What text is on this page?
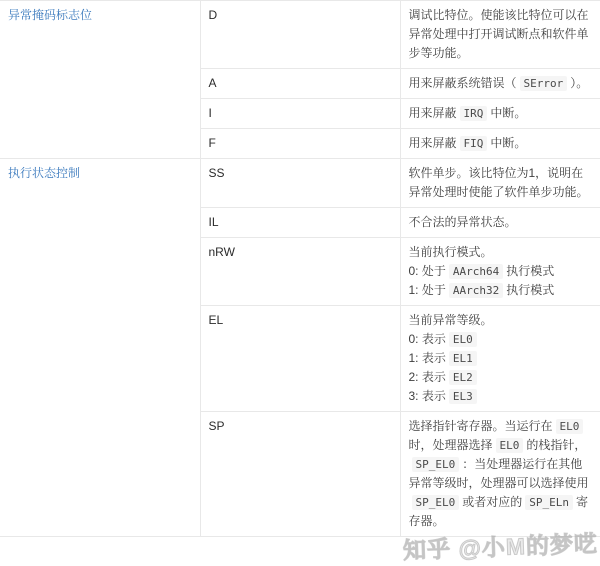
异常掩码标志位	D	调试比特位。使能该比特位可以在异常处理中打开调试断点和软件单步等功能。
	A	用来屏蔽系统错误（ SError ）。
	I	用来屏蔽 IRQ 中断。
	F	用来屏蔽 FIQ 中断。
执行状态控制	SS	软件单步。该比特位为1，说明在异常处理时使能了软件单步功能。
	IL	不合法的异常状态。
	nRW	当前执行模式。
0: 处于 AArch64 执行模式
1: 处于 AArch32 执行模式
	EL	当前异常等级。
0: 表示 EL0
1: 表示 EL1
2: 表示 EL2
3: 表示 EL3
	SP	选择指针寄存器。当运行在 EL0时，处理器选择 EL0 的栈指针，
SP_EL0 ：当处理器运行在其他异常等级时，处理器可以选择使用SP_EL0 或者对应的 SP_ELn 寄存器。
知乎 @小M的梦呓
